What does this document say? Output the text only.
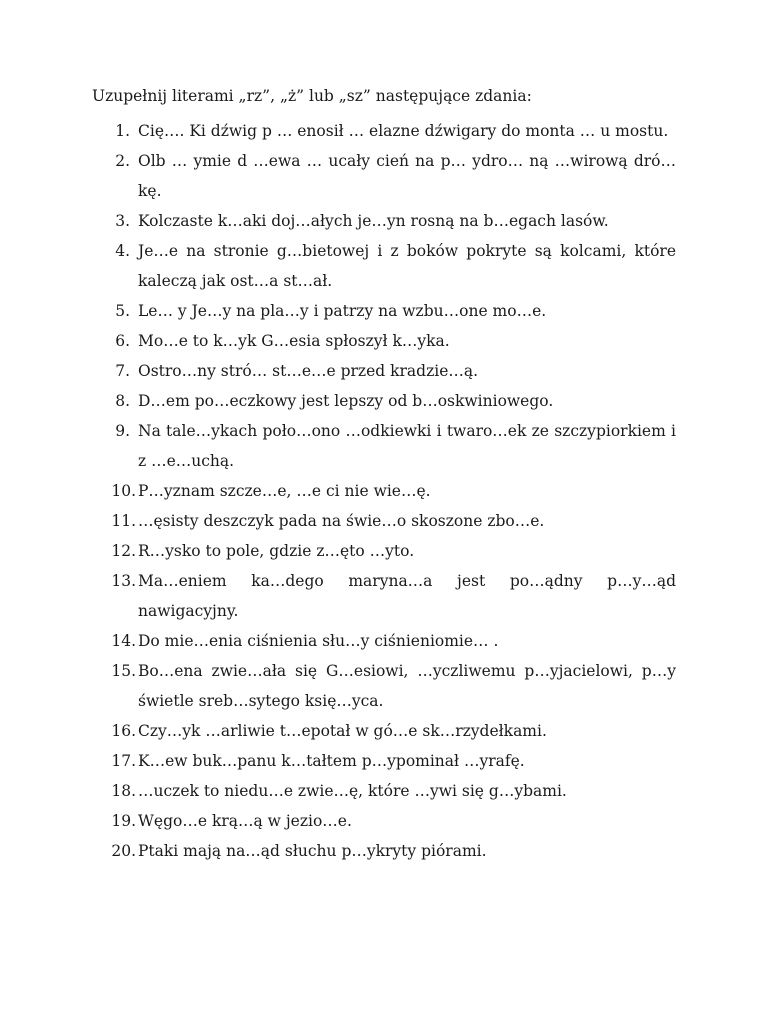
Uzupełnij literami „rz”, „ż” lub „sz” następujące zdania:
1. Cię…. Ki dźwig p … enosił … elazne dźwigary do monta … u mostu.
2. Olb … ymie d …ewa … ucały cień na p… ydro… ną …wirową dró…kę.
3. Kolczaste k…aki doj…ałych je…yn rosną na b…egach lasów.
4. Je…e na stronie g…bietowej i z boków pokryte są kolcami, które kaleczą jak ost…a st…ał.
5. Le… y Je…y na pla…y i patrzy na wzbu…one mo…e.
6. Mo…e to k…yk G…esia spłoszył k…yka.
7. Ostro…ny stró… st…e…e przed kradzie…ą.
8. D…em po…eczkowy jest lepszy od b…oskwiniowego.
9. Na tale…ykach poło…ono …odkiewki i twaro…ek ze szczypiorkiem i z …e…uchą.
10. P…yznam szcze…e, …e ci nie wie…ę.
11. …ęsisty deszczyk pada na świe…o skoszone zbo…e.
12. R…ysko to pole, gdzie z…ęto …yto.
13. Ma…eniem ka…dego maryna…a jest po…ądny p…y…ąd nawigacyjny.
14. Do mie…enia ciśnienia słu…y ciśnieniomie… .
15. Bo…ena zwie…ała się G…esiowi, …yczliwemu p…yjacielowi, p…y świetle sreb…sytego księ…yca.
16. Czy…yk …arliwie t…epotał w gó…e sk…rzydełkami.
17. K…ew buk…panu k…tałtem p…ypominał …yrafę.
18. …uczek to niedu…e zwie…ę, które …ywi się g…ybami.
19. Węgo…e krą…ą w jezio…e.
20. Ptaki mają na…ąd słuchu p…ykryty piórami.
